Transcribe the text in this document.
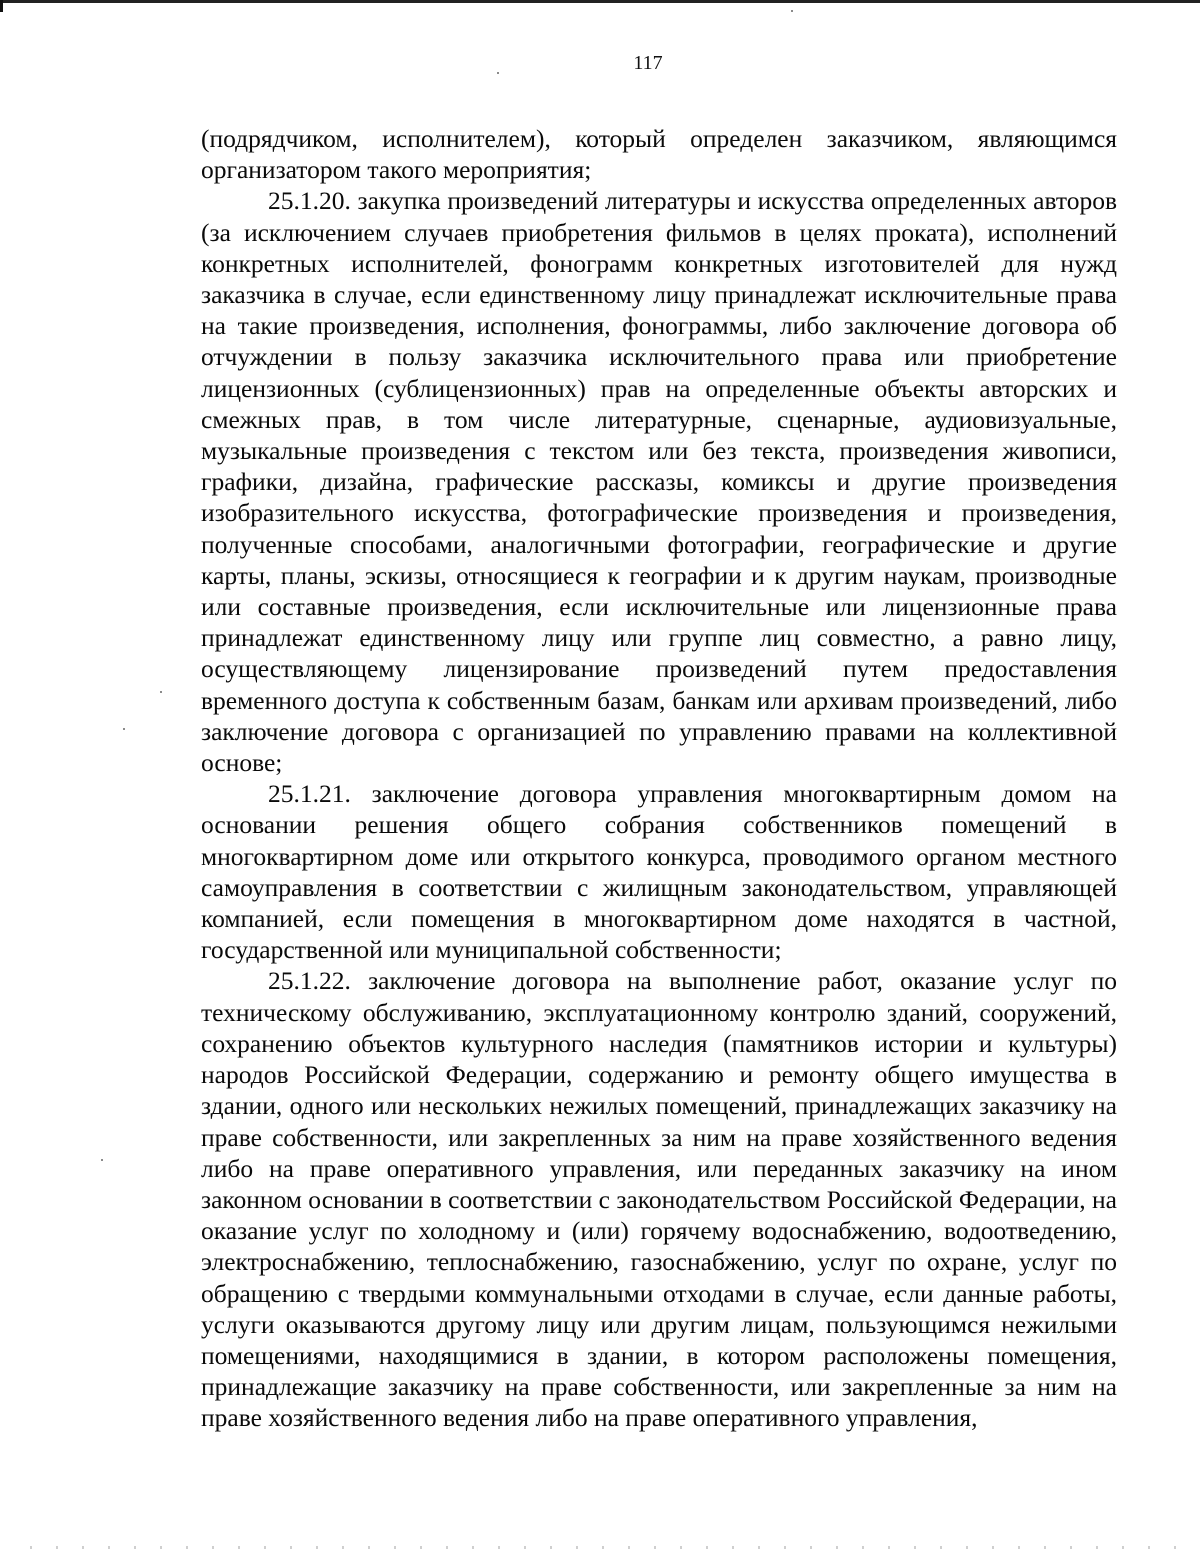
117

(подрядчиком, исполнителем), который определен заказчиком, являющимся организатором такого мероприятия;

25.1.20. закупка произведений литературы и искусства определенных авторов (за исключением случаев приобретения фильмов в целях проката), исполнений конкретных исполнителей, фонограмм конкретных изготовителей для нужд заказчика в случае, если единственному лицу принадлежат исключительные права на такие произведения, исполнения, фонограммы, либо заключение договора об отчуждении в пользу заказчика исключительного права или приобретение лицензионных (сублицензионных) прав на определенные объекты авторских и смежных прав, в том числе литературные, сценарные, аудиовизуальные, музыкальные произведения с текстом или без текста, произведения живописи, графики, дизайна, графические рассказы, комиксы и другие произведения изобразительного искусства, фотографические произведения и произведения, полученные способами, аналогичными фотографии, географические и другие карты, планы, эскизы, относящиеся к географии и к другим наукам, производные или составные произведения, если исключительные или лицензионные права принадлежат единственному лицу или группе лиц совместно, а равно лицу, осуществляющему лицензирование произведений путем предоставления временного доступа к собственным базам, банкам или архивам произведений, либо заключение договора с организацией по управлению правами на коллективной основе;

25.1.21. заключение договора управления многоквартирным домом на основании решения общего собрания собственников помещений в многоквартирном доме или открытого конкурса, проводимого органом местного самоуправления в соответствии с жилищным законодательством, управляющей компанией, если помещения в многоквартирном доме находятся в частной, государственной или муниципальной собственности;

25.1.22. заключение договора на выполнение работ, оказание услуг по техническому обслуживанию, эксплуатационному контролю зданий, сооружений, сохранению объектов культурного наследия (памятников истории и культуры) народов Российской Федерации, содержанию и ремонту общего имущества в здании, одного или нескольких нежилых помещений, принадлежащих заказчику на праве собственности, или закрепленных за ним на праве хозяйственного ведения либо на праве оперативного управления, или переданных заказчику на ином законном основании в соответствии с законодательством Российской Федерации, на оказание услуг по холодному и (или) горячему водоснабжению, водоотведению, электроснабжению, теплоснабжению, газоснабжению, услуг по охране, услуг по обращению с твердыми коммунальными отходами в случае, если данные работы, услуги оказываются другому лицу или другим лицам, пользующимся нежилыми помещениями, находящимися в здании, в котором расположены помещения, принадлежащие заказчику на праве собственности, или закрепленные за ним на праве хозяйственного ведения либо на праве оперативного управления,
